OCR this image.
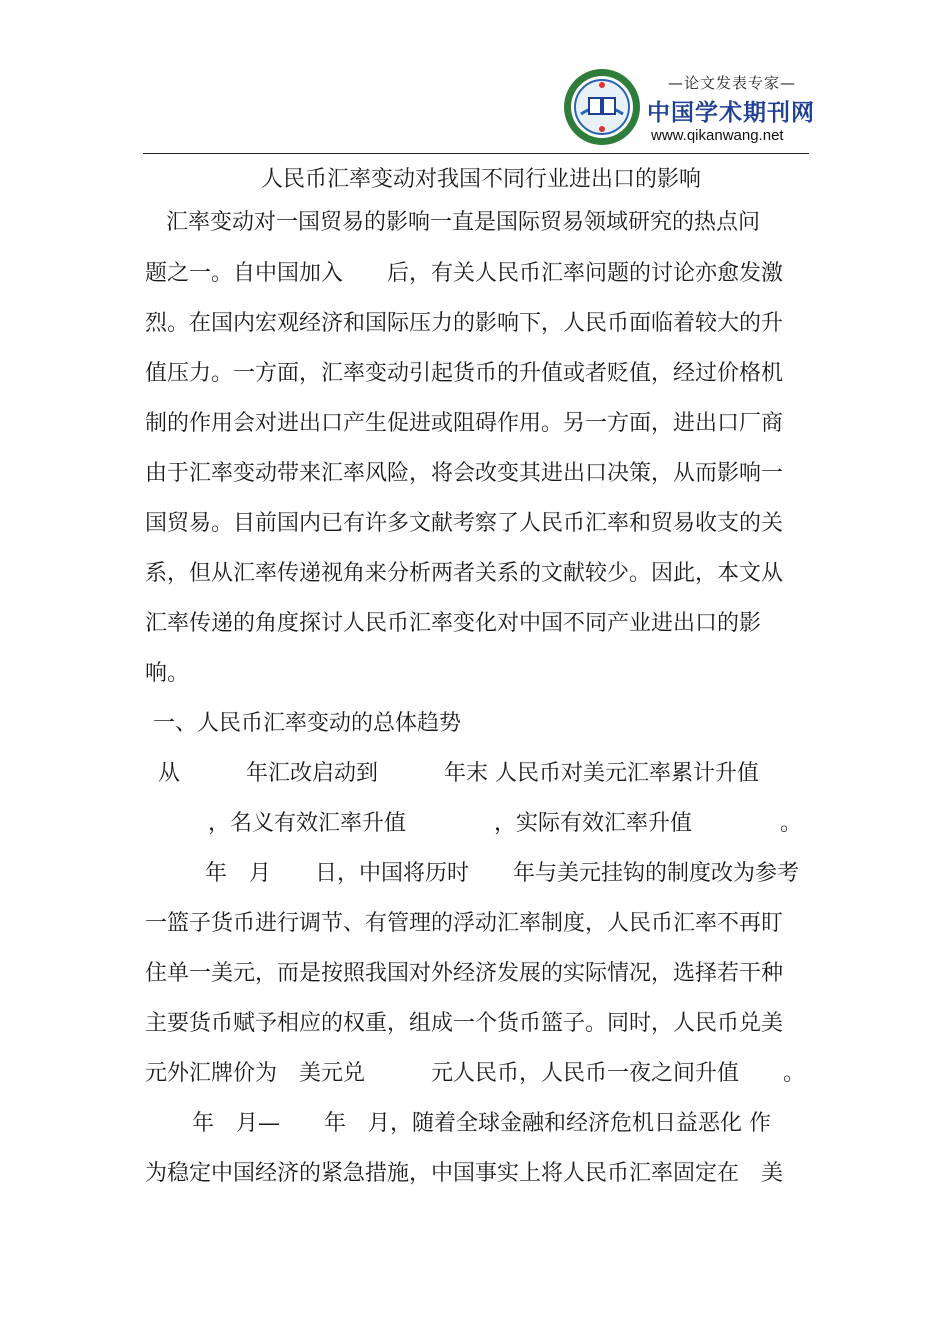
—论文发表专家—
中国学术期刊网
www.qikanwang.net
人民币汇率变动对我国不同行业进出口的影响
汇率变动对一国贸易的影响一直是国际贸易领域研究的热点问
题之一。自中国加入　　后，有关人民币汇率问题的讨论亦愈发激
烈。在国内宏观经济和国际压力的影响下，人民币面临着较大的升
值压力。一方面，汇率变动引起货币的升值或者贬值，经过价格机
制的作用会对进出口产生促进或阻碍作用。另一方面，进出口厂商
由于汇率变动带来汇率风险，将会改变其进出口决策，从而影响一
国贸易。目前国内已有许多文献考察了人民币汇率和贸易收支的关
系，但从汇率传递视角来分析两者关系的文献较少。因此，本文从
汇率传递的角度探讨人民币汇率变化对中国不同产业进出口的影
响。
一、人民币汇率变动的总体趋势
从　　　年汇改启动到　　　年末 人民币对美元汇率累计升值
，名义有效汇率升值　　　　，实际有效汇率升值　　　　。
年　月　　日，中国将历时　　年与美元挂钩的制度改为参考
一篮子货币进行调节、有管理的浮动汇率制度，人民币汇率不再盯
住单一美元，而是按照我国对外经济发展的实际情况，选择若干种
主要货币赋予相应的权重，组成一个货币篮子。同时，人民币兑美
元外汇牌价为　美元兑　　　元人民币，人民币一夜之间升值　　。
年　月—　　年　月，随着全球金融和经济危机日益恶化 作
为稳定中国经济的紧急措施，中国事实上将人民币汇率固定在　美
